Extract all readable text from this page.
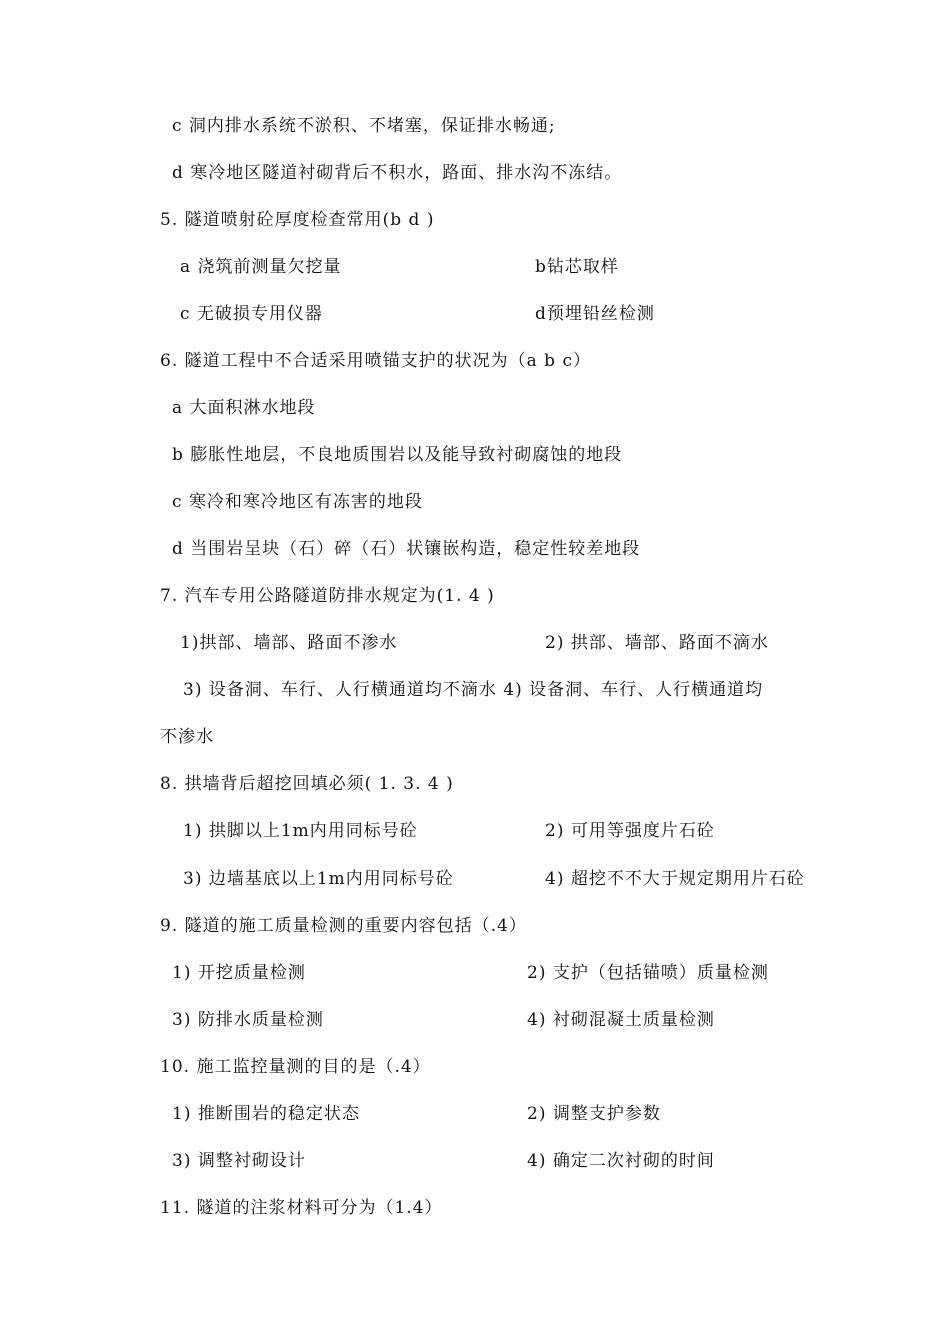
c 洞内排水系统不淤积、不堵塞，保证排水畅通;
d 寒冷地区隧道衬砌背后不积水，路面、排水沟不冻结。
5. 隧道喷射砼厚度检查常用(b d )
a 浇筑前测量欠挖量	b钻芯取样
c 无破损专用仪器	d预埋铅丝检测
6. 隧道工程中不合适采用喷锚支护的状况为（a b c）
a 大面积淋水地段
b 膨胀性地层，不良地质围岩以及能导致衬砌腐蚀的地段
c 寒冷和寒冷地区有冻害的地段
d 当围岩呈块（石）碎（石）状镶嵌构造，稳定性较差地段
7. 汽车专用公路隧道防排水规定为(1. 4 )
1)拱部、墙部、路面不渗水	2) 拱部、墙部、路面不滴水
3) 设备洞、车行、人行横通道均不滴水 4) 设备洞、车行、人行横通道均
不渗水
8. 拱墙背后超挖回填必须( 1. 3. 4 )
1) 拱脚以上1m内用同标号砼	2) 可用等强度片石砼
3) 边墙基底以上1m内用同标号砼	4) 超挖不不大于规定期用片石砼
9. 隧道的施工质量检测的重要内容包括（.4）
1) 开挖质量检测	2) 支护（包括锚喷）质量检测
3) 防排水质量检测	4) 衬砌混凝土质量检测
10. 施工监控量测的目的是（.4）
1) 推断围岩的稳定状态	2) 调整支护参数
3) 调整衬砌设计	4) 确定二次衬砌的时间
11. 隧道的注浆材料可分为（1.4）
